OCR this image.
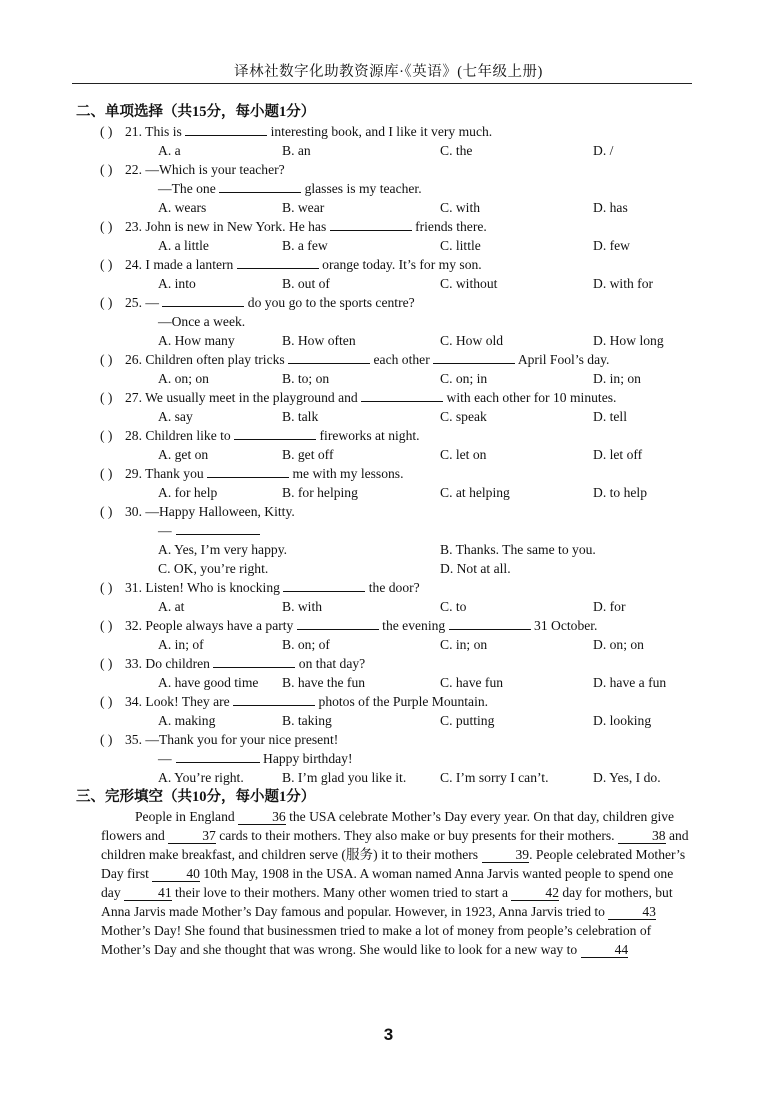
译林社数字化助教资源库·《英语》(七年级上册)
二、单项选择（共15分，每小题1分）
( ) 21. This is	interesting book, and I like it very much.
A. a	B. an	C. the	D. /
( ) 22. —Which is your teacher?
—The one	glasses is my teacher.
A. wears	B. wear	C. with	D. has
( ) 23. John is new in New York. He has	friends there.
A. a little	B. a few	C. little	D. few
( ) 24. I made a lantern	orange today. It’s for my son.
A. into	B. out of	C. without	D. with for
( ) 25. —	do you go to the sports centre?
—Once a week.
A. How many	B. How often	C. How old	D. How long
( ) 26. Children often play tricks	each other	April Fool’s day.
A. on; on	B. to; on	C. on; in	D. in; on
( ) 27. We usually meet in the playground and	with each other for 10 minutes.
A. say	B. talk	C. speak	D. tell
( ) 28. Children like to	fireworks at night.
A. get on	B. get off	C. let on	D. let off
( ) 29. Thank you	me with my lessons.
A. for help	B. for helping	C. at helping	D. to help
( ) 30. —Happy Halloween, Kitty.
—
A. Yes, I’m very happy.	B. Thanks. The same to you.
C. OK, you’re right.	D. Not at all.
( ) 31. Listen! Who is knocking	the door?
A. at	B. with	C. to	D. for
( ) 32. People always have a party	the evening	31 October.
A. in; of	B. on; of	C. in; on	D. on; on
( ) 33. Do children	on that day?
A. have good time B. have the fun	C. have fun	D. have a fun
( ) 34. Look! They are	photos of the Purple Mountain.
A. making	B. taking	C. putting	D. looking
( ) 35. —Thank you for your nice present!
—	Happy birthday!
A. You’re right.	B. I’m glad you like it. C. I’m sorry I can’t.	D. Yes, I do.
三、完形填空（共10分，每小题1分）

People in England	36 the USA celebrate Mother’s Day every year. On that day, children give flowers and	37 cards to their mothers. They also make or buy presents for their mothers.	38 and children make breakfast, and children serve (服务) it to their mothers	39. People celebrated Mother’s Day first	40 10th May, 1908 in the USA. A woman named Anna Jarvis wanted people to spend one day	41 their love to their mothers. Many other women tried to start a	42 day for mothers, but Anna Jarvis made Mother’s Day famous and popular. However, in 1923, Anna Jarvis tried to	43 Mother’s Day! She found that businessmen tried to make a lot of money from people’s celebration of Mother’s Day and she thought that was wrong. She would like to look for a new way to	44

3
